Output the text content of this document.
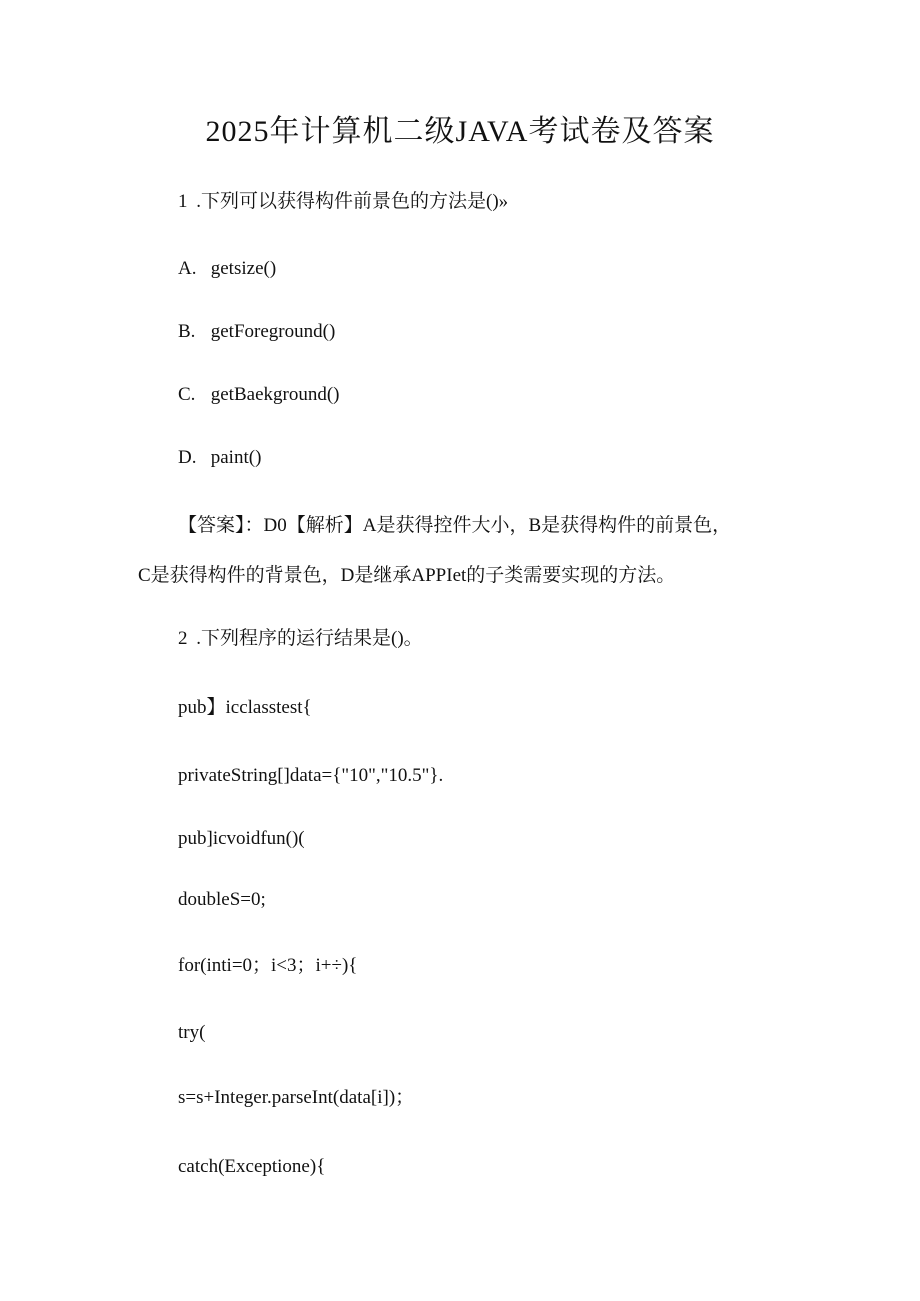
2025年计算机二级JAVA考试卷及答案
1 .下列可以获得构件前景色的方法是()»
A. getsize()
B. getForeground()
C. getBaekground()
D. paint()
【答案】：D0【解析】A是获得控件大小，B是获得构件的前景色，
C是获得构件的背景色，D是继承APPIet的子类需要实现的方法。
2 .下列程序的运行结果是()。
pub】icclasstest{
privateString[]data={"10","10.5"}.
pub]icvoidfun()(
doubleS=0;
for(inti=0；i<3；i+÷){
try(
s=s+Integer.parseInt(data[i])；
catch(Exceptione){
